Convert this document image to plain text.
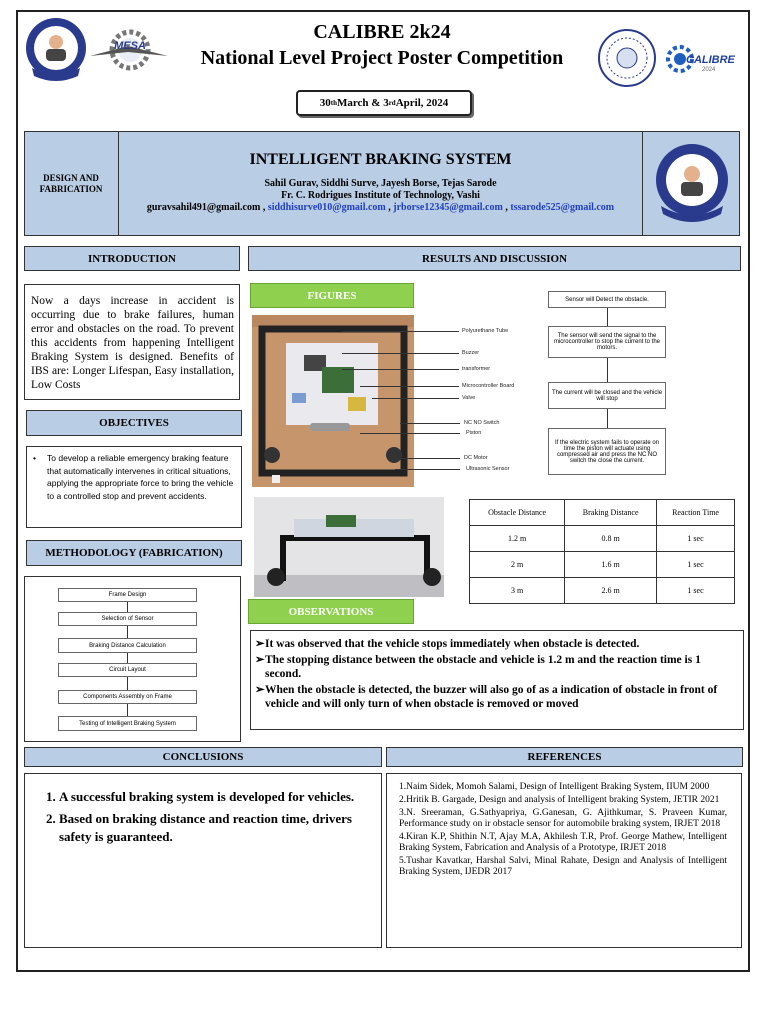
MESA
CALIBRE 2k24
National Level Project Poster Competition
30 th March & 3 rd April, 2024
CALIBRE
2024
DESIGN AND FABRICATION
INTELLIGENT BRAKING SYSTEM
Sahil Gurav, Siddhi Surve, Jayesh Borse, Tejas Sarode
Fr. C. Rodrigues Institute of Technology, Vashi
guravsahil491@gmail.com , siddhisurve010@gmail.com , jrborse12345@gmail.com , tssarode525@gmail.com
INTRODUCTION
Now a days increase in accident is occurring due to brake failures, human error and obstacles on the road. To prevent this accidents from happening Intelligent Braking System is designed. Benefits of IBS are: Longer Lifespan, Easy installation, Low Costs
OBJECTIVES
•	To develop a reliable emergency braking feature that automatically intervenes in critical situations, applying the appropriate force to bring the vehicle to a controlled stop and prevent accidents.
METHODOLOGY (FABRICATION)
Frame Design
Selection of Sensor
Braking Distance Calculation
Circuit Layout
Components Assembly on Frame
Testing of Intelligent Braking System
RESULTS AND DISCUSSION
FIGURES
Polyurethane Tube
Buzzer
transformer
Microcontroller Board
Valve
NC NO Switch
Piston
DC Motor
Ultrasonic Sensor
Sensor will Detect the obstacle.
The sensor will send the signal to the microcontroller to stop the current to the motors.
The current will be closed and the vehicle will stop
If the electric system fails to operate on time the piston will actuate using compressed air and press the NC NO switch the close the current.
Obstacle Distance	Braking Distance	Reaction Time
1.2 m	0.8 m	1 sec
2 m	1.6 m	1 sec
3 m	2.6 m	1 sec
OBSERVATIONS

➢ It was observed that the vehicle stops immediately when obstacle is detected.

➢ The stopping distance between the obstacle and vehicle is 1.2 m and the reaction time is 1 second.

➢ When the obstacle is detected, the buzzer will also go of as a indication of obstacle in front of vehicle and will only turn of when obstacle is removed or moved

CONCLUSIONS
1. A successful braking system is developed for vehicles.
2. Based on braking distance and reaction time, drivers safety is guaranteed.
REFERENCES

1.Naim Sidek, Momoh Salami, Design of Intelligent Braking System, IIUM 2000

2.Hritik B. Gargade, Design and analysis of Intelligent braking System, JETIR 2021

3.N. Sreeraman, G.Sathyapriya, G.Ganesan, G. Ajithkumar, S. Praveen Kumar, Performance study on ir obstacle sensor for automobile braking system, IRJET 2018

4.Kiran K.P, Shithin N.T, Ajay M.A, Akhilesh T.R, Prof. George Mathew, Intelligent Braking System, Fabrication and Analysis of a Prototype, IRJET 2018

5.Tushar Kavatkar, Harshal Salvi, Minal Rahate, Design and Analysis of Intelligent Braking System, IJEDR 2017
